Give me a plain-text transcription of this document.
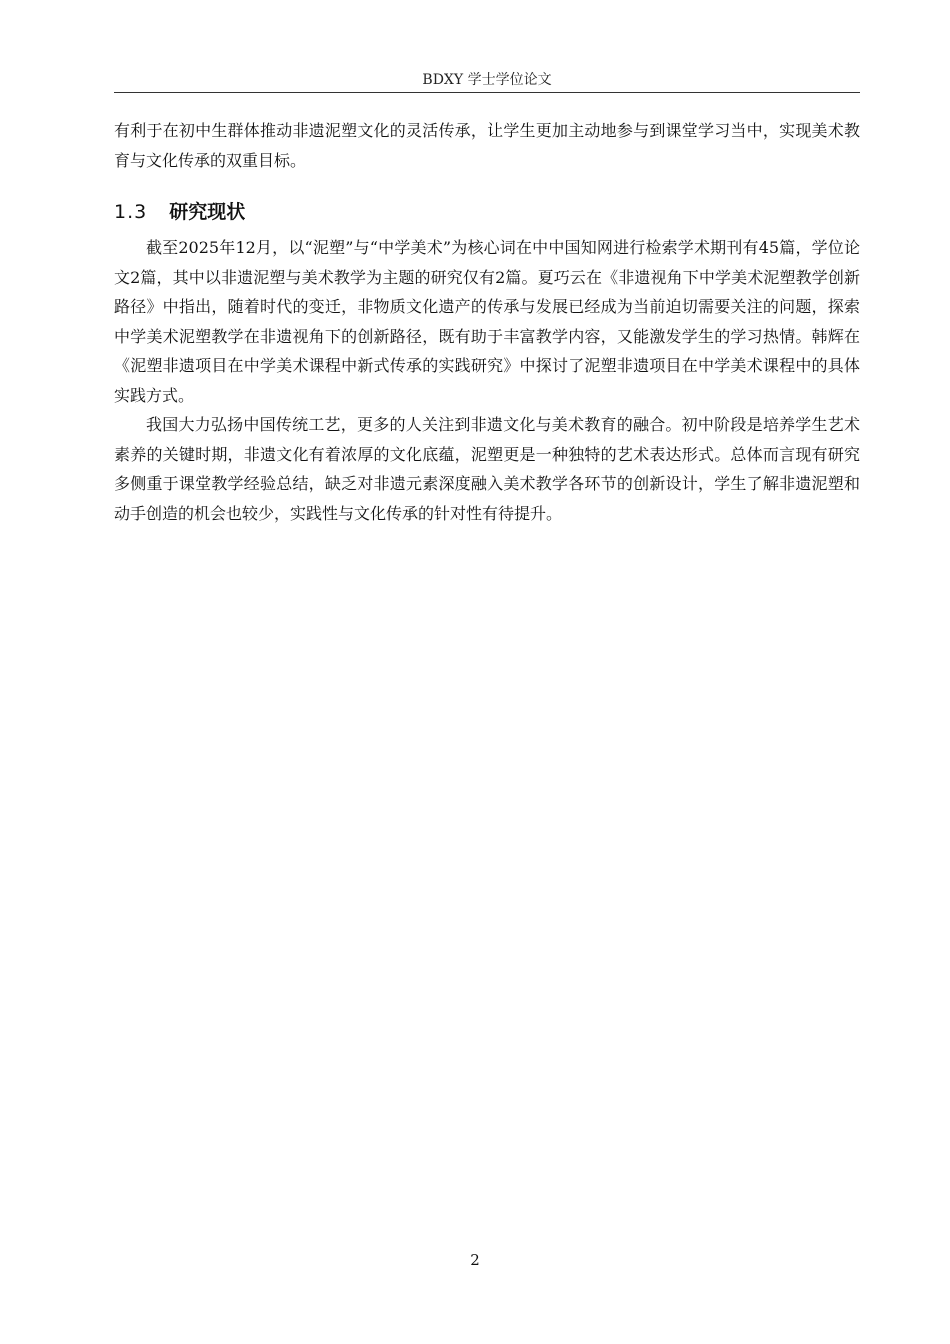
BDXY 学士学位论文

有利于在初中生群体推动非遗泥塑文化的灵活传承，让学生更加主动地参与到课堂学习当中，实现美术教育与文化传承的双重目标。

1.3 研究现状

截至2025年12月，以“泥塑”与“中学美术”为核心词在中中国知网进行检索学术期刊有45篇，学位论文2篇，其中以非遗泥塑与美术教学为主题的研究仅有2篇。夏巧云在《非遗视角下中学美术泥塑教学创新路径》中指出，随着时代的变迁，非物质文化遗产的传承与发展已经成为当前迫切需要关注的问题，探索中学美术泥塑教学在非遗视角下的创新路径，既有助于丰富教学内容，又能激发学生的学习热情。韩辉在《泥塑非遗项目在中学美术课程中新式传承的实践研究》中探讨了泥塑非遗项目在中学美术课程中的具体实践方式。

我国大力弘扬中国传统工艺，更多的人关注到非遗文化与美术教育的融合。初中阶段是培养学生艺术素养的关键时期，非遗文化有着浓厚的文化底蕴，泥塑更是一种独特的艺术表达形式。总体而言现有研究多侧重于课堂教学经验总结，缺乏对非遗元素深度融入美术教学各环节的创新设计，学生了解非遗泥塑和动手创造的机会也较少，实践性与文化传承的针对性有待提升。

2
